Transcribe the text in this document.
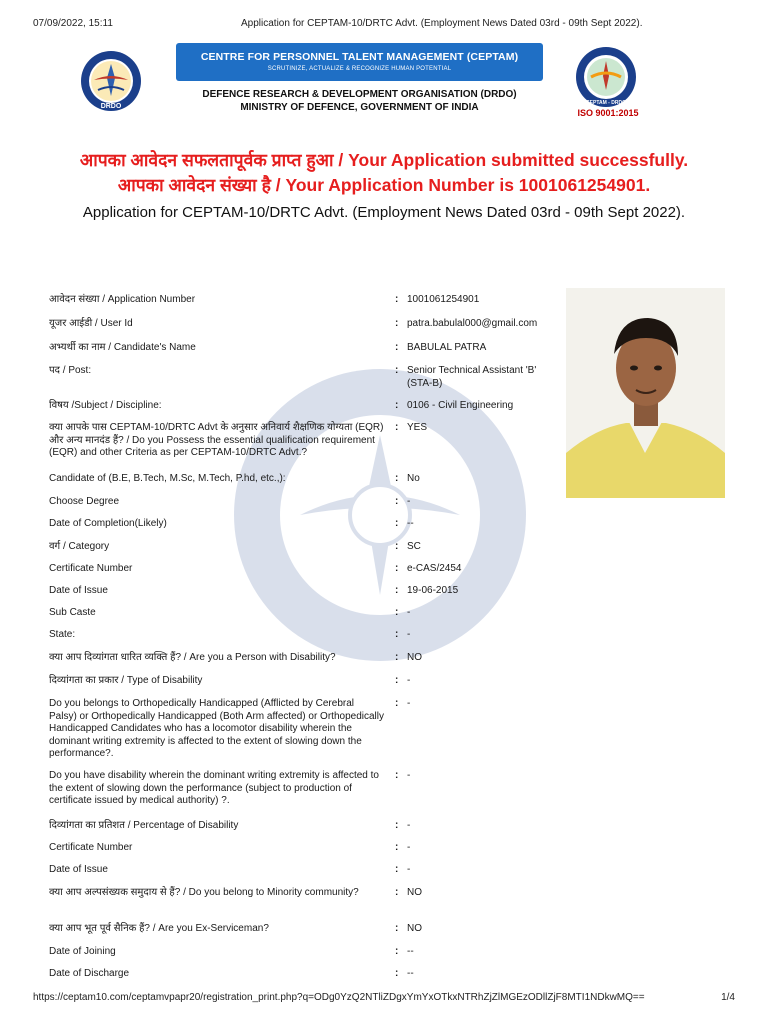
07/09/2022, 15:11	Application for CEPTAM-10/DRTC Advt. (Employment News Dated 03rd - 09th Sept 2022).
DRDO
CENTRE FOR PERSONNEL TALENT MANAGEMENT (CEPTAM)
SCRUTINIZE, ACTUALIZE & RECOGNIZE HUMAN POTENTIAL
DEFENCE RESEARCH & DEVELOPMENT ORGANISATION (DRDO)
MINISTRY OF DEFENCE, GOVERNMENT OF INDIA	CEPTAM - DRDO
ISO 9001:2015
आपका आवेदन सफलतापूर्वक प्राप्त हुआ / Your Application submitted successfully.
आपका आवेदन संख्या है / Your Application Number is 1001061254901.
Application for CEPTAM-10/DRTC Advt. (Employment News Dated 03rd - 09th Sept 2022).
आवेदन संख्या / Application Number	: 1001061254901
यूजर आईडी / User Id	: patra.babulal000@gmail.com
अभ्यर्थी का नाम / Candidate's Name	: BABULAL PATRA
पद / Post:	: Senior Technical Assistant 'B' (STA-B)
विषय /Subject / Discipline:	: 0106 - Civil Engineering
क्या आपके पास CEPTAM-10/DRTC Advt के अनुसार अनिवार्य शैक्षणिक योग्यता (EQR) और अन्य मानदंड हैं? / Do you Possess the essential qualification requirement (EQR) and other Criteria as per CEPTAM-10/DRTC Advt.?
: YES
Candidate of (B.E, B.Tech, M.Sc, M.Tech, P.hd, etc.,):	: No
Choose Degree	: -
Date of Completion(Likely)	: --
वर्ग / Category	: SC
Certificate Number	: e-CAS/2454
Date of Issue	: 19-06-2015
Sub Caste	: -
State:	: -
क्या आप दिव्यांगता धारित व्यक्ति हैं? / Are you a Person with Disability?	: NO
दिव्यांगता का प्रकार / Type of Disability	: -
Do you belongs to Orthopedically Handicapped (Afflicted by Cerebral Palsy) or Orthopedically Handicapped (Both Arm affected) or Orthopedically Handicapped Candidates who has a locomotor disability wherein the dominant writing extremity is affected to the extent of slowing down the performance?.
: -
Do you have disability wherein the dominant writing extremity is affected to the extent of slowing down the performance (subject to production of certificate issued by medical authority) ?.
: -
दिव्यांगता का प्रतिशत / Percentage of Disability	: -
Certificate Number	: -
Date of Issue	: -
क्या आप अल्पसंख्यक समुदाय से हैं? / Do you belong to Minority community?	: NO
क्या आप भूत पूर्व सैनिक हैं? / Are you Ex-Serviceman?	: NO
Date of Joining	: --
Date of Discharge	: --
https://ceptam10.com/ceptamvpapr20/registration_print.php?q=ODg0YzQ2NTliZDgxYmYxOTkxNTRhZjZlMGEzODllZjF8MTI1NDkwMQ==	1/4
